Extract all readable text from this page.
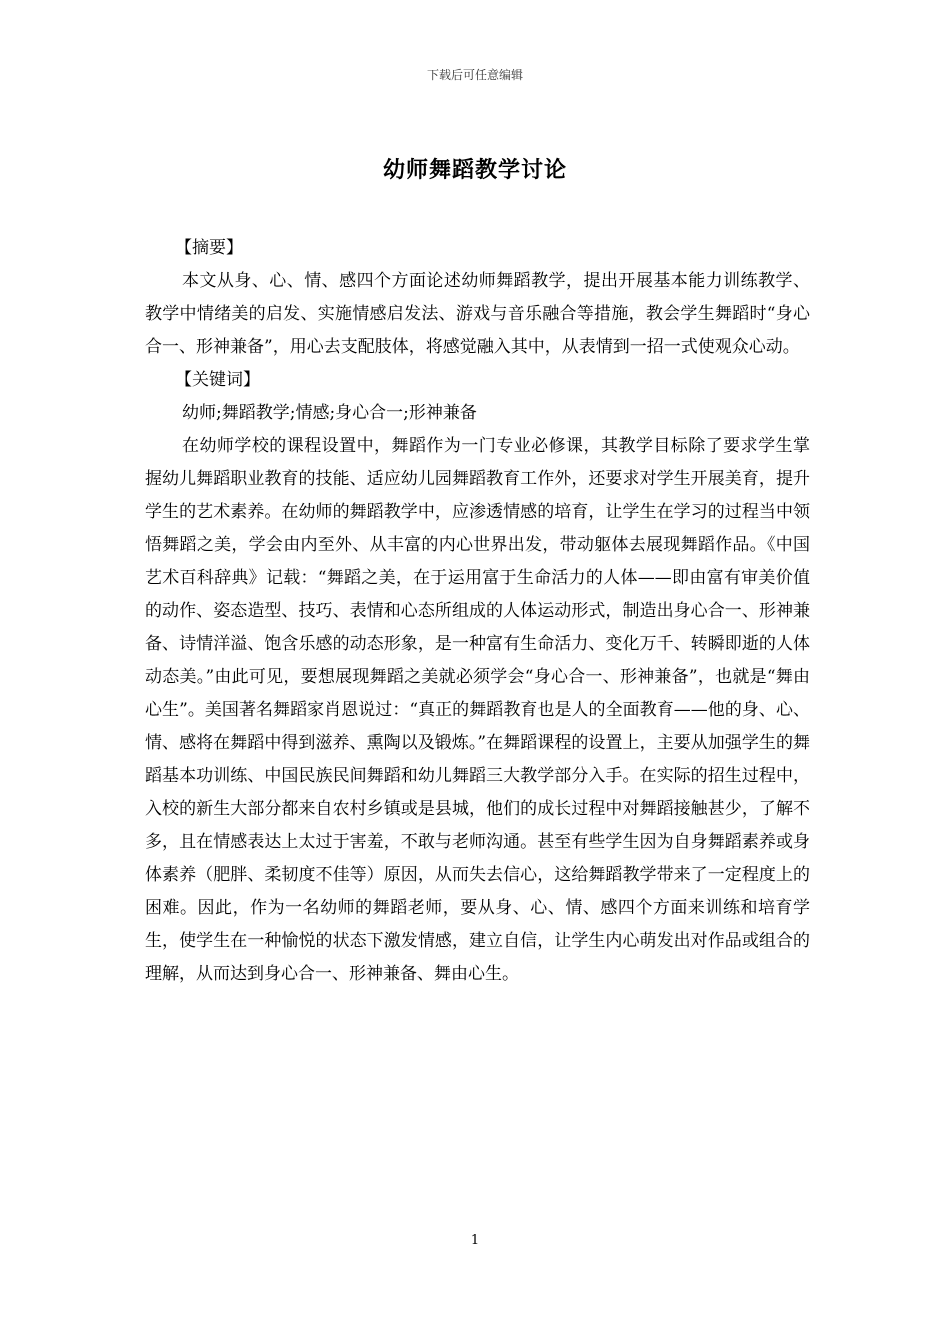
下载后可任意编辑
幼师舞蹈教学讨论

【摘要】

本文从身、心、情、感四个方面论述幼师舞蹈教学，提出开展基本能力训练教学、教学中情绪美的启发、实施情感启发法、游戏与音乐融合等措施，教会学生舞蹈时“身心合一、形神兼备”，用心去支配肢体，将感觉融入其中，从表情到一招一式使观众心动。

【关键词】

幼师;舞蹈教学;情感;身心合一;形神兼备

在幼师学校的课程设置中，舞蹈作为一门专业必修课，其教学目标除了要求学生掌握幼儿舞蹈职业教育的技能、适应幼儿园舞蹈教育工作外，还要求对学生开展美育，提升学生的艺术素养。在幼师的舞蹈教学中，应渗透情感的培育，让学生在学习的过程当中领悟舞蹈之美，学会由内至外、从丰富的内心世界出发，带动躯体去展现舞蹈作品。《中国艺术百科辞典》记载：“舞蹈之美，在于运用富于生命活力的人体——即由富有审美价值的动作、姿态造型、技巧、表情和心态所组成的人体运动形式，制造出身心合一、形神兼备、诗情洋溢、饱含乐感的动态形象，是一种富有生命活力、变化万千、转瞬即逝的人体动态美。”由此可见，要想展现舞蹈之美就必须学会“身心合一、形神兼备”，也就是“舞由心生”。美国著名舞蹈家肖恩说过：“真正的舞蹈教育也是人的全面教育——他的身、心、情、感将在舞蹈中得到滋养、熏陶以及锻炼。”在舞蹈课程的设置上，主要从加强学生的舞蹈基本功训练、中国民族民间舞蹈和幼儿舞蹈三大教学部分入手。在实际的招生过程中，入校的新生大部分都来自农村乡镇或是县城，他们的成长过程中对舞蹈接触甚少，了解不多，且在情感表达上太过于害羞，不敢与老师沟通。甚至有些学生因为自身舞蹈素养或身体素养（肥胖、柔韧度不佳等）原因，从而失去信心，这给舞蹈教学带来了一定程度上的困难。因此，作为一名幼师的舞蹈老师，要从身、心、情、感四个方面来训练和培育学生，使学生在一种愉悦的状态下激发情感，建立自信，让学生内心萌发出对作品或组合的理解，从而达到身心合一、形神兼备、舞由心生。

1
